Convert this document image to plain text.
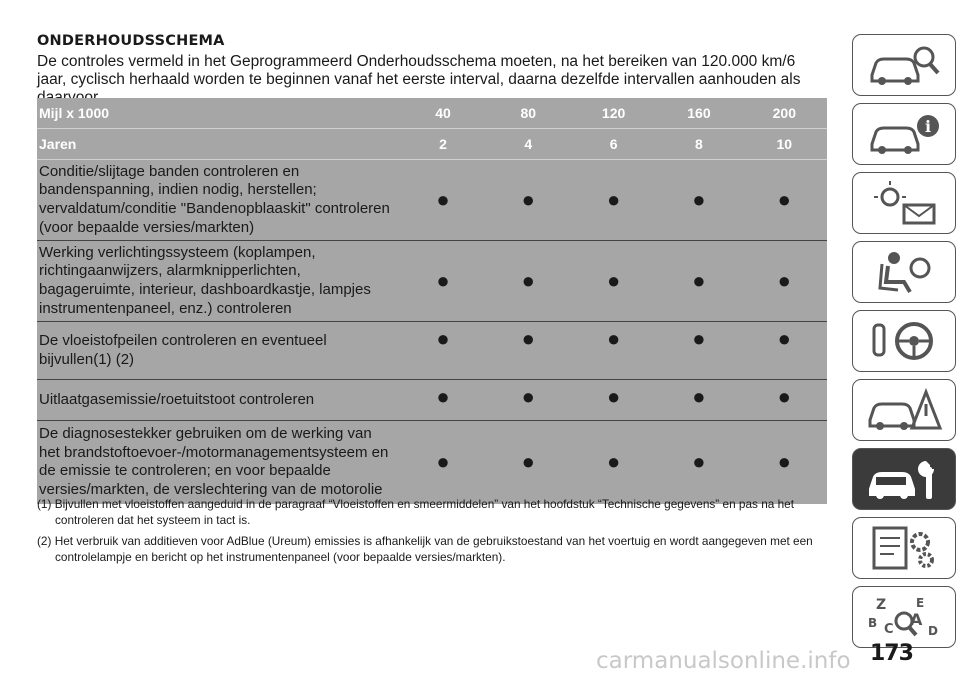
ONDERHOUDSSCHEMA
De controles vermeld in het Geprogrammeerd Onderhoudsschema moeten, na het bereiken van 120.000 km/6 jaar, cyclisch herhaald worden te beginnen vanaf het eerste interval, daarna dezelfde intervallen aanhouden als
Mijl x 1000	40	80	120	160	200
Jaren	2	4	6	8	10
Conditie/slijtage banden controleren en bandenspanning, indien nodig, herstellen; vervaldatum/conditie "Bandenopblaaskit" controleren (voor bepaalde versies/markten)	●	●	●	●	●
Werking verlichtingssysteem (koplampen, richtingaanwijzers, alarmknipperlichten, bagageruimte, interieur, dashboardkastje, lampjes instrumentenpaneel, enz.) controleren	●	●	●	●	●
De vloeistofpeilen controleren en eventueel bijvullen(1) (2)	●	●	●	●	●
Uitlaatgasemissie/roetuitstoot controleren	●	●	●	●	●
De diagnosestekker gebruiken om de werking van het brandstoftoevoer-/motormanagementsysteem en de emissie te controleren; en voor bepaalde versies/markten, de verslechtering van de motorolie	●	●	●	●	●
(1) Bijvullen met vloeistoffen aangeduid in de paragraaf “Vloeistoffen en smeermiddelen” van het hoofdstuk “Technische gegevens” en pas na het controleren dat het systeem in tact is.
(2) Het verbruik van additieven voor AdBlue (Ureum) emissies is afhankelijk van de gebruikstoestand van het voertuig en wordt aangegeven met een controlelampje en bericht op het instrumentenpaneel (voor bepaalde versies/markten).
i
Z E
B A
C	D
173
carmanualsonline.info
